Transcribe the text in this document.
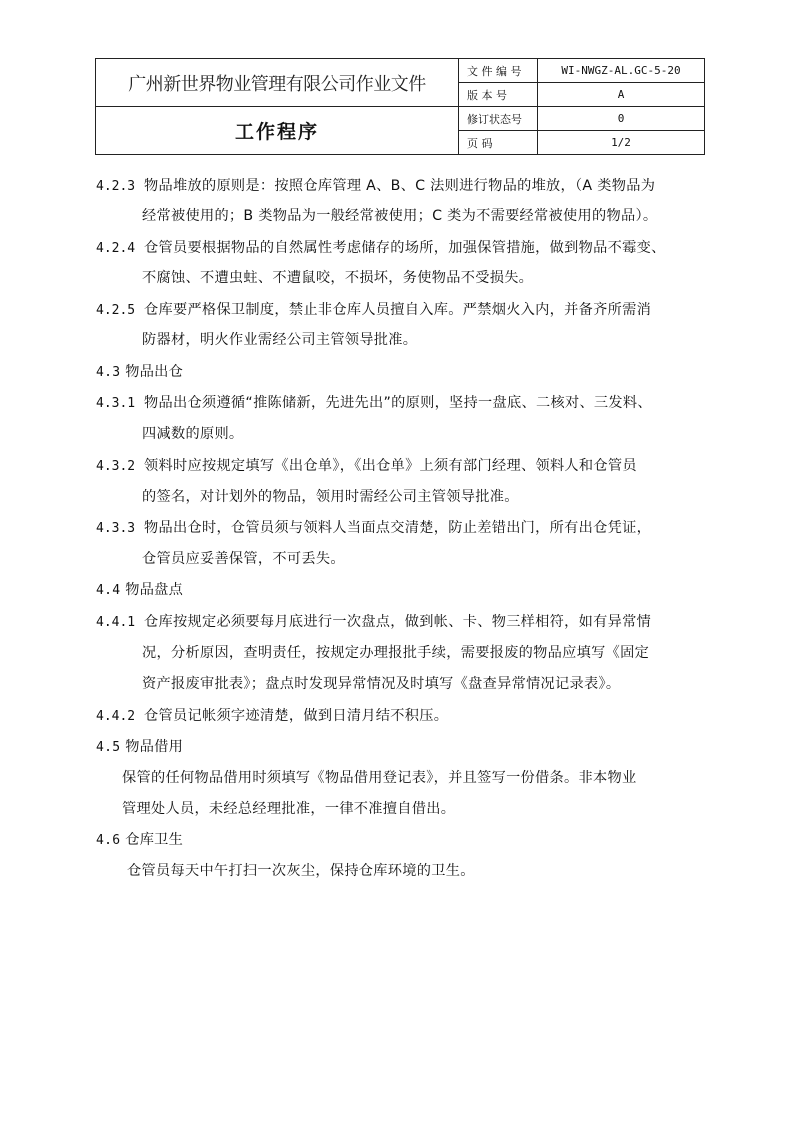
广州新世界物业管理有限公司作业文件	文 件 编 号	WI-NWGZ-AL.GC-5-20
	版 本 号	A
工作程序	修订状态号	0
	页 码	1/2
4.2.3 物品堆放的原则是：按照仓库管理 A、B、C 法则进行物品的堆放，（A 类物品为
经常被使用的；B 类物品为一般经常被使用；C 类为不需要经常被使用的物品）。
4.2.4 仓管员要根据物品的自然属性考虑储存的场所，加强保管措施，做到物品不霉变、
不腐蚀、不遭虫蛀、不遭鼠咬，不损坏，务使物品不受损失。
4.2.5 仓库要严格保卫制度，禁止非仓库人员擅自入库。严禁烟火入内，并备齐所需消
防器材，明火作业需经公司主管领导批准。
4.3 物品出仓
4.3.1 物品出仓须遵循“推陈储新，先进先出”的原则，坚持一盘底、二核对、三发料、
四减数的原则。
4.3.2 领料时应按规定填写《出仓单》，《出仓单》上须有部门经理、领料人和仓管员
的签名，对计划外的物品，领用时需经公司主管领导批准。
4.3.3 物品出仓时，仓管员须与领料人当面点交清楚，防止差错出门，所有出仓凭证，
仓管员应妥善保管，不可丢失。
4.4 物品盘点
4.4.1 仓库按规定必须要每月底进行一次盘点，做到帐、卡、物三样相符，如有异常情
况，分析原因，查明责任，按规定办理报批手续，需要报废的物品应填写《固定
资产报废审批表》；盘点时发现异常情况及时填写《盘查异常情况记录表》。
4.4.2 仓管员记帐须字迹清楚，做到日清月结不积压。
4.5 物品借用
保管的任何物品借用时须填写《物品借用登记表》，并且签写一份借条。非本物业
管理处人员，未经总经理批准，一律不准擅自借出。
4.6 仓库卫生
仓管员每天中午打扫一次灰尘，保持仓库环境的卫生。
